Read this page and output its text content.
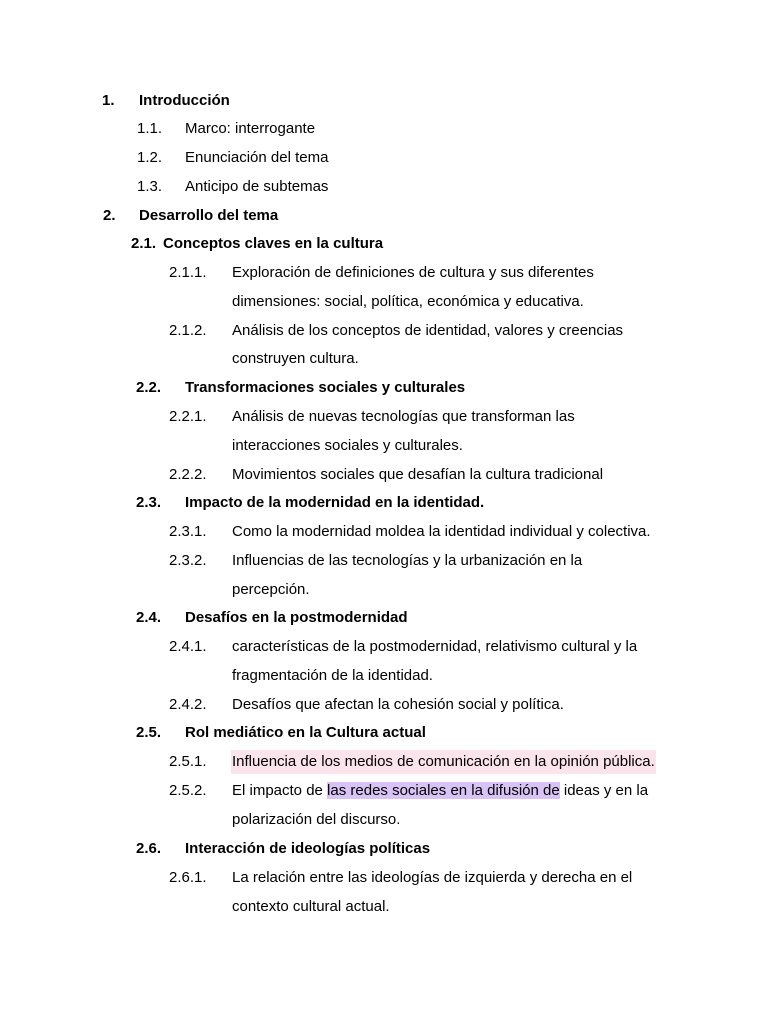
1. Introducción
1.1. Marco: interrogante
1.2. Enunciación del tema
1.3. Anticipo de subtemas
2. Desarrollo del tema
2.1. Conceptos claves en la cultura
2.1.1. Exploración de definiciones de cultura y sus diferentes
dimensiones: social, política, económica y educativa.
2.1.2. Análisis de los conceptos de identidad, valores y creencias
construyen cultura.
2.2. Transformaciones sociales y culturales
2.2.1. Análisis de nuevas tecnologías que transforman las
interacciones sociales y culturales.
2.2.2. Movimientos sociales que desafían la cultura tradicional
2.3. Impacto de la modernidad en la identidad.
2.3.1. Como la modernidad moldea la identidad individual y colectiva.
2.3.2. Influencias de las tecnologías y la urbanización en la
percepción.
2.4. Desafíos en la postmodernidad
2.4.1. características de la postmodernidad, relativismo cultural y la
fragmentación de la identidad.
2.4.2. Desafíos que afectan la cohesión social y política.
2.5. Rol mediático en la Cultura actual
2.5.1. Influencia de los medios de comunicación en la opinión pública.
2.5.2. El impacto de las redes sociales en la difusión de ideas y en la
polarización del discurso.
2.6. Interacción de ideologías políticas
2.6.1. La relación entre las ideologías de izquierda y derecha en el
contexto cultural actual.
